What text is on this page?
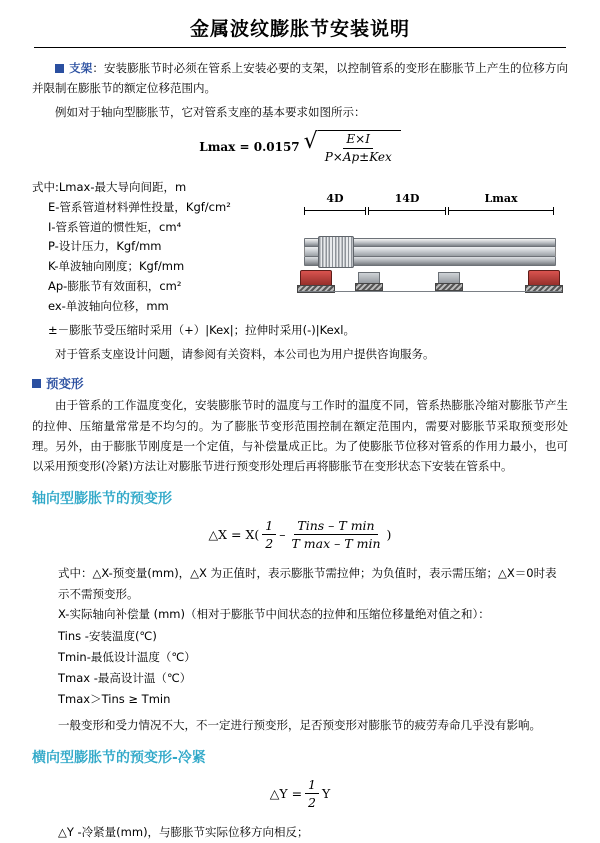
金属波纹膨胀节安装说明

支架：安装膨胀节时必须在管系上安装必要的支架，以控制管系的变形在膨胀节上产生的位移方向并限制在膨胀节的额定位移范围内。

例如对于轴向型膨胀节，它对管系支座的基本要求如图所示：

Lmax = 0.0157 √ $\frac{E\times I}{\text{P×Ap±Kex}}$
式中:Lmax-最大导向间距，m
E-管系管道材料弹性投量，Kgf/cm²
I-管系管道的惯性矩，cm⁴
P-设计压力，Kgf/mm
K-单波轴向刚度；Kgf/mm
Ap-膨胀节有效面积，cm²
ex-单波轴向位移，mm
4D	14D	Lmax
±－膨胀节受压缩时采用（+）|Kex|；拉伸时采用(-)|Kexl。

对于管系支座设计问题，请参阅有关资料，本公司也为用户提供咨询服务。

预变形

由于管系的工作温度变化，安装膨胀节时的温度与工作时的温度不同，管系热膨胀冷缩对膨胀节产生的拉伸、压缩量常常是不均匀的。为了膨胀节变形范围控制在额定范围内，需要对膨胀节采取预变形处理。另外，由于膨胀节刚度是一个定值，与补偿量成正比。为了使膨胀节位移对管系的作用力最小，也可以采用预变形(冷紧)方法让对膨胀节进行预变形处理后再将膨胀节在变形状态下安装在管系中。

轴向型膨胀节的预变形
△X = $X( \frac{1}{2} - \frac{\text{Tins – T min}}{\text{T max – T min}}$ )
式中：△X-预变量(mm)，△X 为正值时，表示膨胀节需拉伸；为负值时，表示需压缩；△X＝0时表示不需预变形。
X-实际轴向补偿量 (mm)（相对于膨胀节中间状态的拉伸和压缩位移量绝对值之和）：
Tins -安装温度(℃)
Tmin-最低设计温度（℃）
Tmax -最高设计温（℃）
Tmax＞Tins ≥ Tmin
一般变形和受力情况不大，不一定进行预变形，足否预变形对膨胀节的疲劳寿命几乎没有影响。
横向型膨胀节的预变形-冷紧
△Y = $\frac{1}{2}$ Y
△Y -冷紧量(mm)，与膨胀节实际位移方向相反；
